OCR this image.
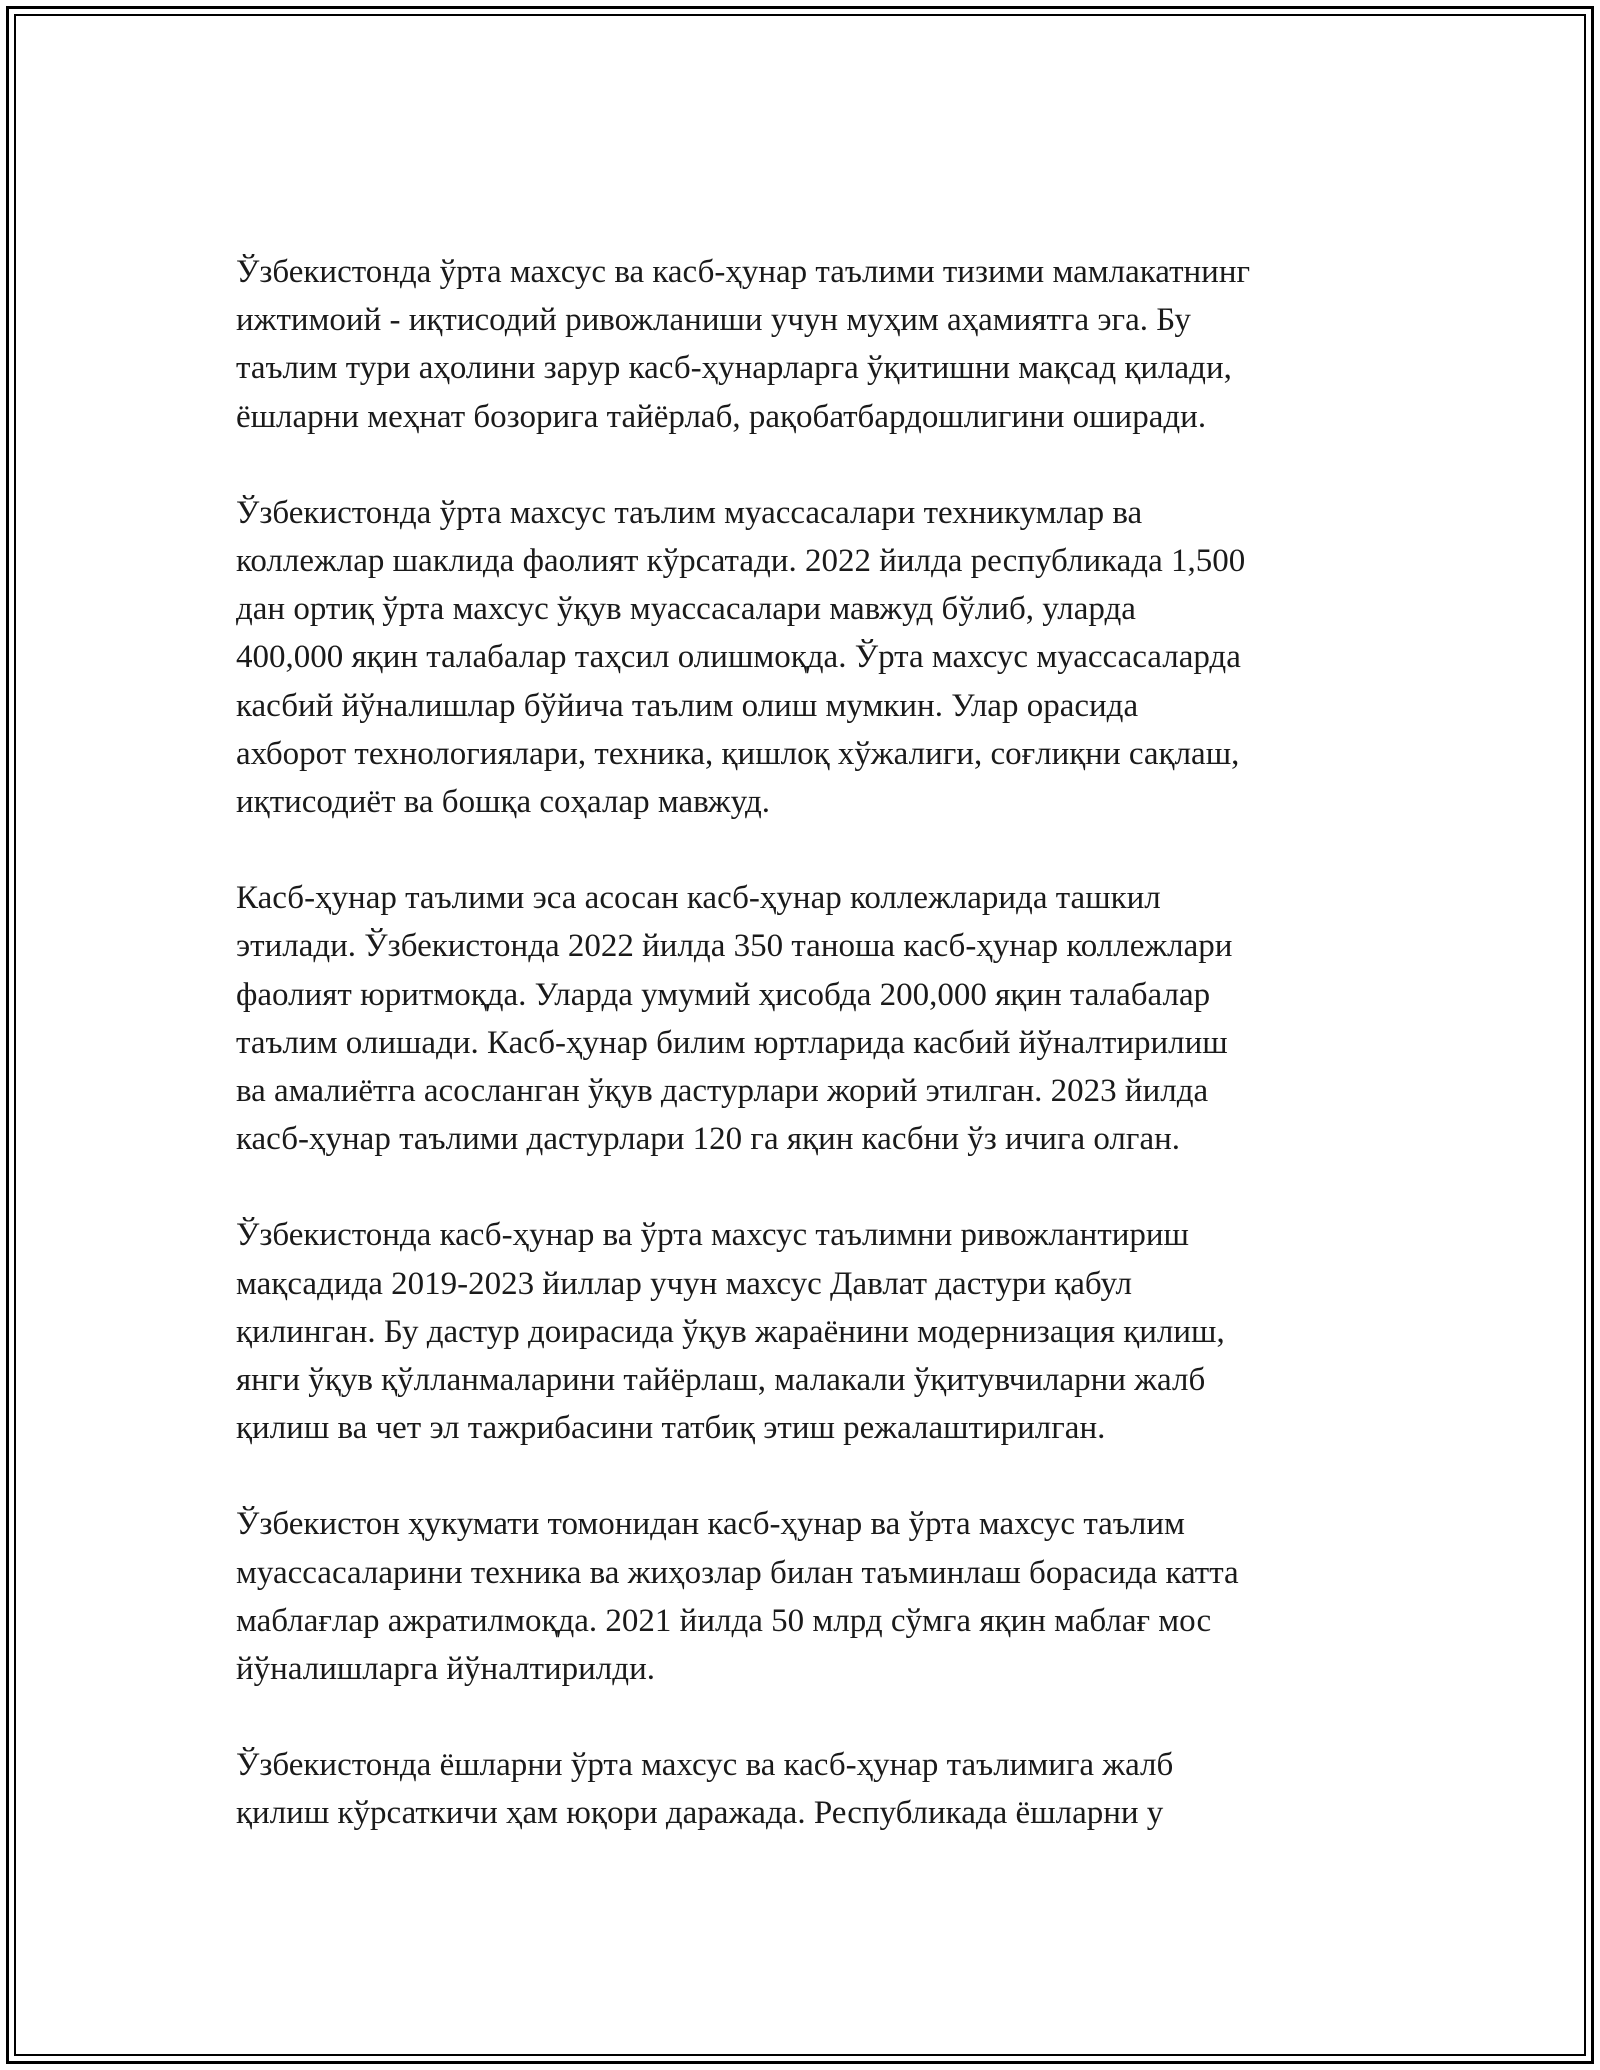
Ўзбекистонда ўрта махсус ва касб-ҳунар таълими тизими мамлакатнинг
ижтимоий - иқтисодий ривожланиши учун муҳим аҳамиятга эга. Бу
таълим тури аҳолини зарур касб-ҳунарларга ўқитишни мақсад қилади,
ёшларни меҳнат бозорига тайёрлаб, рақобатбардошлигини оширади.

Ўзбекистонда ўрта махсус таълим муассасалари техникумлар ва
коллежлар шаклида фаолият кўрсатади. 2022 йилда республикада 1,500
дан ортиқ ўрта махсус ўқув муассасалари мавжуд бўлиб, уларда
400,000 яқин талабалар таҳсил олишмоқда. Ўрта махсус муассасаларда
касбий йўналишлар бўйича таълим олиш мумкин. Улар орасида
ахборот технологиялари, техника, қишлоқ хўжалиги, соғлиқни сақлаш,
иқтисодиёт ва бошқа соҳалар мавжуд.

Касб-ҳунар таълими эса асосан касб-ҳунар коллежларида ташкил
этилади. Ўзбекистонда 2022 йилда 350 таноша касб-ҳунар коллежлари
фаолият юритмоқда. Уларда умумий ҳисобда 200,000 яқин талабалар
таълим олишади. Касб-ҳунар билим юртларида касбий йўналтирилиш
ва амалиётга асосланган ўқув дастурлари жорий этилган. 2023 йилда
касб-ҳунар таълими дастурлари 120 га яқин касбни ўз ичига олган.

Ўзбекистонда касб-ҳунар ва ўрта махсус таълимни ривожлантириш
мақсадида 2019-2023 йиллар учун махсус Давлат дастури қабул
қилинган. Бу дастур доирасида ўқув жараёнини модернизация қилиш,
янги ўқув қўлланмаларини тайёрлаш, малакали ўқитувчиларни жалб
қилиш ва чет эл тажрибасини татбиқ этиш режалаштирилган.

Ўзбекистон ҳукумати томонидан касб-ҳунар ва ўрта махсус таълим
муассасаларини техника ва жиҳозлар билан таъминлаш борасида катта
маблағлар ажратилмоқда. 2021 йилда 50 млрд сўмга яқин маблағ мос
йўналишларга йўналтирилди.

Ўзбекистонда ёшларни ўрта махсус ва касб-ҳунар таълимига жалб
қилиш кўрсаткичи ҳам юқори даражада. Республикада ёшларни у
